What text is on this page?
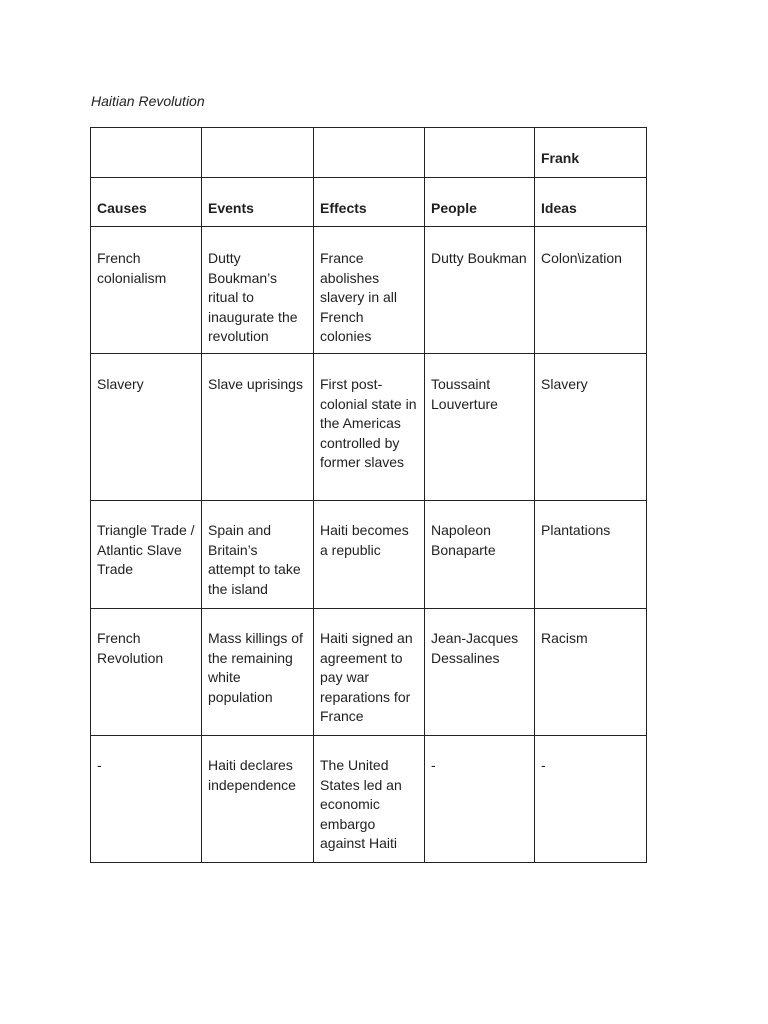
Haitian Revolution
				Frank
Causes	Events	Effects	People	Ideas
French colonialism	Dutty Boukman’s ritual to inaugurate the revolution	France abolishes slavery in all French colonies	Dutty Boukman	Colon\ization
Slavery	Slave uprisings	First post-colonial state in the Americas controlled by former slaves	Toussaint Louverture	Slavery
Triangle Trade / Atlantic Slave Trade	Spain and Britain’s attempt to take the island	Haiti becomes a republic	Napoleon Bonaparte	Plantations
French Revolution	Mass killings of the remaining white population	Haiti signed an agreement to pay war reparations for France	Jean-Jacques Dessalines	Racism
-	Haiti declares independence	The United States led an economic embargo against Haiti	-	-
